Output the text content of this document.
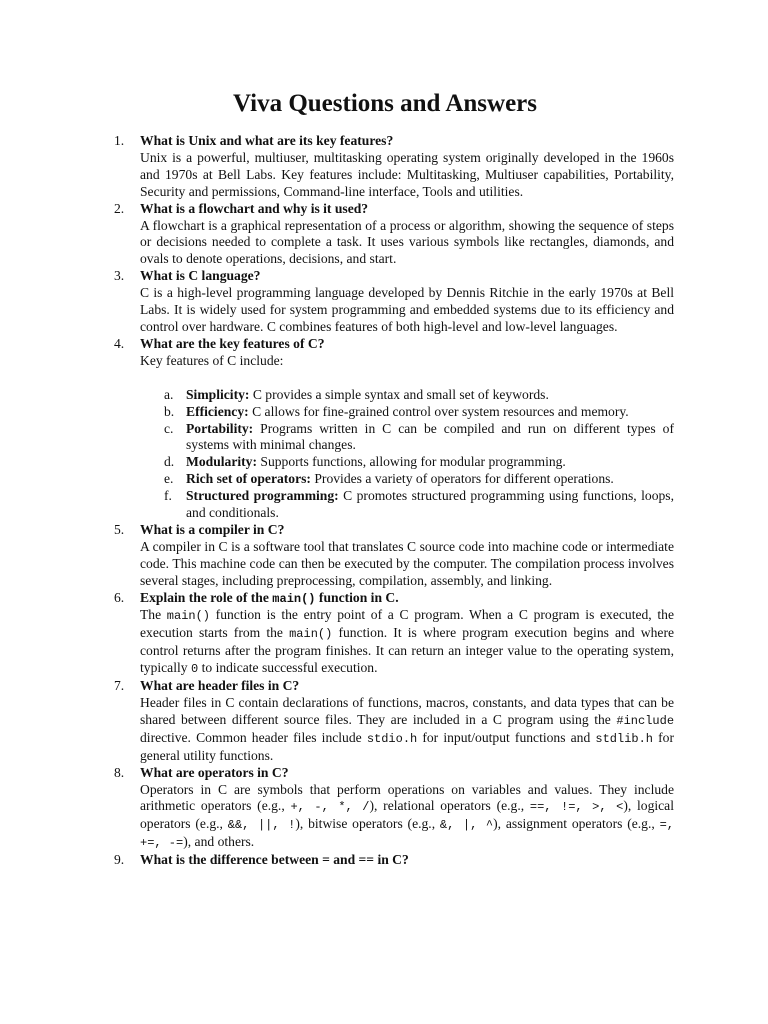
Viva Questions and Answers
1.	What is Unix and what are its key features?
Unix is a powerful, multiuser, multitasking operating system originally developed in the 1960s and 1970s at Bell Labs. Key features include: Multitasking, Multiuser capabilities, Portability, Security and permissions, Command-line interface, Tools and utilities.
2.	What is a flowchart and why is it used?
A flowchart is a graphical representation of a process or algorithm, showing the sequence of steps or decisions needed to complete a task. It uses various symbols like rectangles, diamonds, and ovals to denote operations, decisions, and start.
3.	What is C language?
C is a high-level programming language developed by Dennis Ritchie in the early 1970s at Bell Labs. It is widely used for system programming and embedded systems due to its efficiency and control over hardware. C combines features of both high-level and low-level languages.
4.	What are the key features of C?
Key features of C include:
a. Simplicity: C provides a simple syntax and small set of keywords.
b. Efficiency: C allows for fine-grained control over system resources and memory.
c. Portability: Programs written in C can be compiled and run on different types of systems with minimal changes.
d. Modularity: Supports functions, allowing for modular programming.
e. Rich set of operators: Provides a variety of operators for different operations.
f. Structured programming: C promotes structured programming using functions, loops, and conditionals.
5.	What is a compiler in C?
A compiler in C is a software tool that translates C source code into machine code or intermediate code. This machine code can then be executed by the computer. The compilation process involves several stages, including preprocessing, compilation, assembly, and linking.
6.	Explain the role of the main() function in C.
The main() function is the entry point of a C program. When a C program is executed, the execution starts from the main() function. It is where program execution begins and where control returns after the program finishes. It can return an integer value to the operating system, typically 0 to indicate successful execution.
7.	What are header files in C?
Header files in C contain declarations of functions, macros, constants, and data types that can be shared between different source files. They are included in a C program using the #include directive. Common header files include stdio.h for input/output functions and stdlib.h for general utility functions.
8.	What are operators in C?
Operators in C are symbols that perform operations on variables and values. They include arithmetic operators (e.g., +, -, *, /), relational operators (e.g., ==, !=, >, <), logical operators (e.g., &&, ||, !), bitwise operators (e.g., &, |, ^), assignment operators (e.g., =, +=, -=), and others.
9.	What is the difference between = and == in C?
